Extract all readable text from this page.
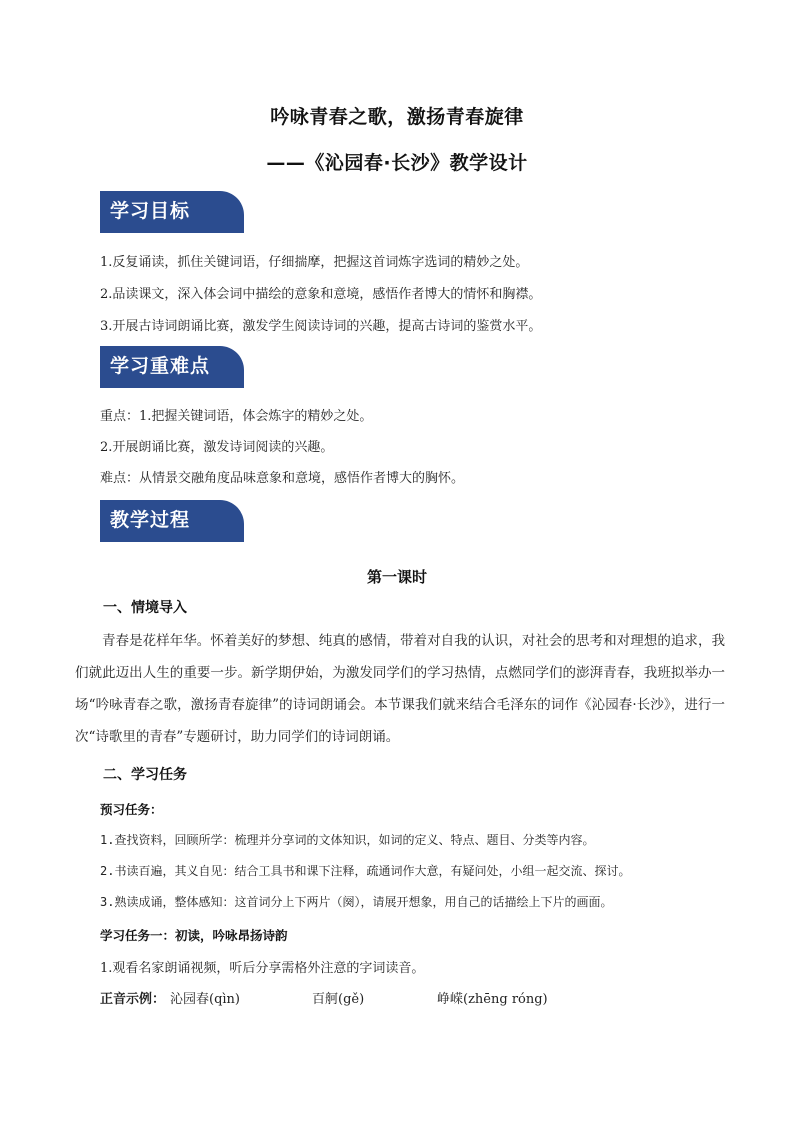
吟咏青春之歌，激扬青春旋律
——《沁园春·长沙》教学设计
学习目标
1.反复诵读，抓住关键词语，仔细揣摩，把握这首词炼字选词的精妙之处。
2.品读课文，深入体会词中描绘的意象和意境，感悟作者博大的情怀和胸襟。
3.开展古诗词朗诵比赛，激发学生阅读诗词的兴趣，提高古诗词的鉴赏水平。
学习重难点
重点：1.把握关键词语，体会炼字的精妙之处。
2.开展朗诵比赛，激发诗词阅读的兴趣。
难点：从情景交融角度品味意象和意境，感悟作者博大的胸怀。
教学过程
第一课时
一、情境导入
青春是花样年华。怀着美好的梦想、纯真的感情，带着对自我的认识，对社会的思考和对理想的追求，我们就此迈出人生的重要一步。新学期伊始，为激发同学们的学习热情，点燃同学们的澎湃青春，我班拟举办一场“吟咏青春之歌，激扬青春旋律”的诗词朗诵会。本节课我们就来结合毛泽东的词作《沁园春·长沙》，进行一次“诗歌里的青春”专题研讨，助力同学们的诗词朗诵。
二、学习任务
预习任务：
1.查找资料，回顾所学：梳理并分享词的文体知识，如词的定义、特点、题目、分类等内容。
2.书读百遍，其义自见：结合工具书和课下注释，疏通词作大意，有疑问处，小组一起交流、探讨。
3.熟读成诵，整体感知：这首词分上下两片（阕），请展开想象，用自己的话描绘上下片的画面。
学习任务一：初读，吟咏昂扬诗韵
1.观看名家朗诵视频，听后分享需格外注意的字词读音。
正音示例： 沁园春(qìn)	百舸(gě)	峥嵘(zhēng róng)
